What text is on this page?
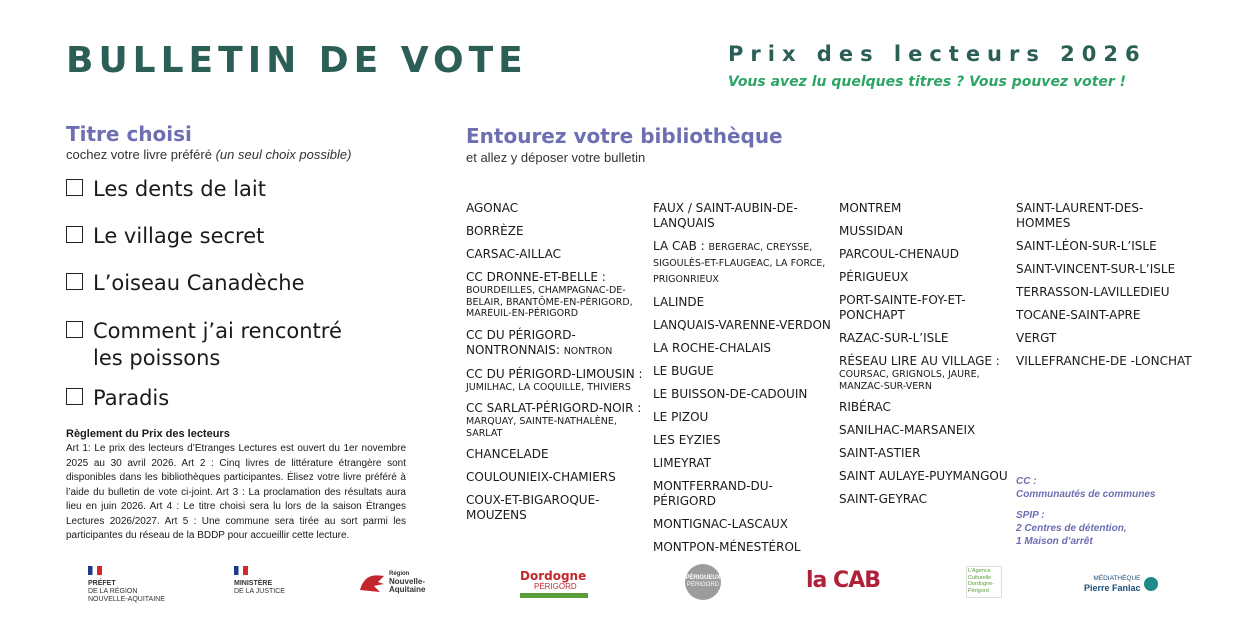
BULLETIN DE VOTE	Prix des lecteurs 2026
Vous avez lu quelques titres ? Vous pouvez voter !
Titre choisi
cochez votre livre préféré (un seul choix possible)
Les dents de lait
Le village secret
L’oiseau Canadèche
Comment j’ai rencontré
les poissons
Paradis
Règlement du Prix des lecteurs
Art 1: Le prix des lecteurs d’Etranges Lectures est ouvert du 1er novembre 2025 au 30 avril 2026. Art 2 : Cinq livres de littérature étrangère sont disponibles dans les bibliothèques participantes. Élisez votre livre préféré à l’aide du bulletin de vote ci-joint. Art 3 : La proclamation des résultats aura lieu en juin 2026. Art 4 : Le titre choisi sera lu lors de la saison Étranges Lectures 2026/2027. Art 5 : Une commune sera tirée au sort parmi les participantes du réseau de la BDDP pour accueillir cette lecture.
Entourez votre bibliothèque
et allez y déposer votre bulletin
AGONAC
BORRÈZE
CARSAC-AILLAC
CC DRONNE-ET-BELLE :
BOURDEILLES, CHAMPAGNAC-DE-BELAIR, BRANTÔME-EN-PÉRIGORD, MAREUIL-EN-PÉRIGORD
CC DU PÉRIGORD-NONTRONNAIS: NONTRON
CC DU PÉRIGORD-LIMOUSIN :
JUMILHAC, LA COQUILLE, THIVIERS
CC SARLAT-PÉRIGORD-NOIR :
MARQUAY, SAINTE-NATHALÈNE, SARLAT
CHANCELADE
COULOUNIEIX-CHAMIERS
COUX-ET-BIGAROQUE-MOUZENS
FAUX / SAINT-AUBIN-DE-LANQUAIS
LA CAB : BERGERAC, CREYSSE, SIGOULÈS-ET-FLAUGEAC, LA FORCE, PRIGONRIEUX
LALINDE
LANQUAIS-VARENNE-VERDON
LA ROCHE-CHALAIS
LE BUGUE
LE BUISSON-DE-CADOUIN
LE PIZOU
LES EYZIES
LIMEYRAT
MONTFERRAND-DU-PÉRIGORD
MONTIGNAC-LASCAUX
MONTPON-MÉNESTÉROL
MONTREM
MUSSIDAN
PARCOUL-CHENAUD
PÉRIGUEUX
PORT-SAINTE-FOY-ET-PONCHAPT
RAZAC-SUR-L’ISLE
RÉSEAU LIRE AU VILLAGE :
COURSAC, GRIGNOLS, JAURE, MANZAC-SUR-VERN
RIBÉRAC
SANILHAC-MARSANEIX
SAINT-ASTIER
SAINT AULAYE-PUYMANGOU
SAINT-GEYRAC
SAINT-LAURENT-DES-HOMMES
SAINT-LÉON-SUR-L’ISLE
SAINT-VINCENT-SUR-L’ISLE
TERRASSON-LAVILLEDIEU
TOCANE-SAINT-APRE
VERGT
VILLEFRANCHE-DE -LONCHAT
CC :
Communautés de communes
SPIP :
2 Centres de détention,
1 Maison d’arrêt
PRÉFET
DE LA RÉGION
NOUVELLE-AQUITAINE
MINISTÈRE
DE LA JUSTICE
Région
Nouvelle-
Aquitaine
Dordogne
PÉRIGORD
PÉRIGUEUX
PÉRIGORD	la CAB	L’Agence
Culturelle
Dordogne-
Périgord
MÉDIATHÈQUE
Pierre Fanlac
